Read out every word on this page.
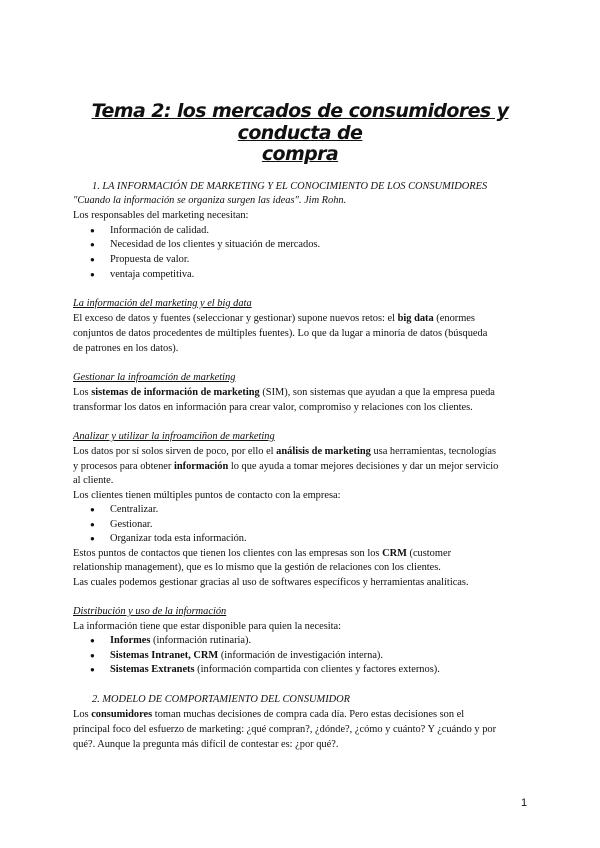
Tema 2: los mercados de consumidores y conducta de
compra
1. LA INFORMACIÓN DE MARKETING Y EL CONOCIMIENTO DE LOS CONSUMIDORES
"Cuando la información se organiza surgen las ideas". Jim Rohn.
Los responsables del marketing necesitan:
● Información de calidad.
● Necesidad de los clientes y situación de mercados.
● Propuesta de valor.
● ventaja competitiva.
La información del marketing y el big data
El exceso de datos y fuentes (seleccionar y gestionar) supone nuevos retos: el big data (enormes
conjuntos de datos procedentes de múltiples fuentes). Lo que da lugar a minoría de datos (búsqueda
de patrones en los datos).
Gestionar la infroamción de marketing
Los sistemas de información de marketing (SIM), son sistemas que ayudan a que la empresa pueda
transformar los datos en información para crear valor, compromiso y relaciones con los clientes.
Analizar y utilizar la infroamciñon de marketing
Los datos por sí solos sirven de poco, por ello el análisis de marketing usa herramientas, tecnologías
y procesos para obtener información lo que ayuda a tomar mejores decisiones y dar un mejor servicio
al cliente.
Los clientes tienen múltiples puntos de contacto con la empresa:
● Centralizar.
● Gestionar.
● Organizar toda esta información.
Estos puntos de contactos que tienen los clientes con las empresas son los CRM (customer
relationship management), que es lo mismo que la gestión de relaciones con los clientes.
Las cuales podemos gestionar gracias al uso de softwares específicos y herramientas analíticas.
Distribución y uso de la información
La información tiene que estar disponible para quien la necesita:
● Informes (información rutinaria).
● Sistemas Intranet, CRM (información de investigación interna).
● Sistemas Extranets (información compartida con clientes y factores externos).
2. MODELO DE COMPORTAMIENTO DEL CONSUMIDOR
Los consumidores toman muchas decisiones de compra cada día. Pero estas decisiones son el
principal foco del esfuerzo de marketing: ¿qué compran?, ¿dónde?, ¿cómo y cuánto? Y ¿cuándo y por
qué?. Aunque la pregunta más difícil de contestar es: ¿por qué?.
1
